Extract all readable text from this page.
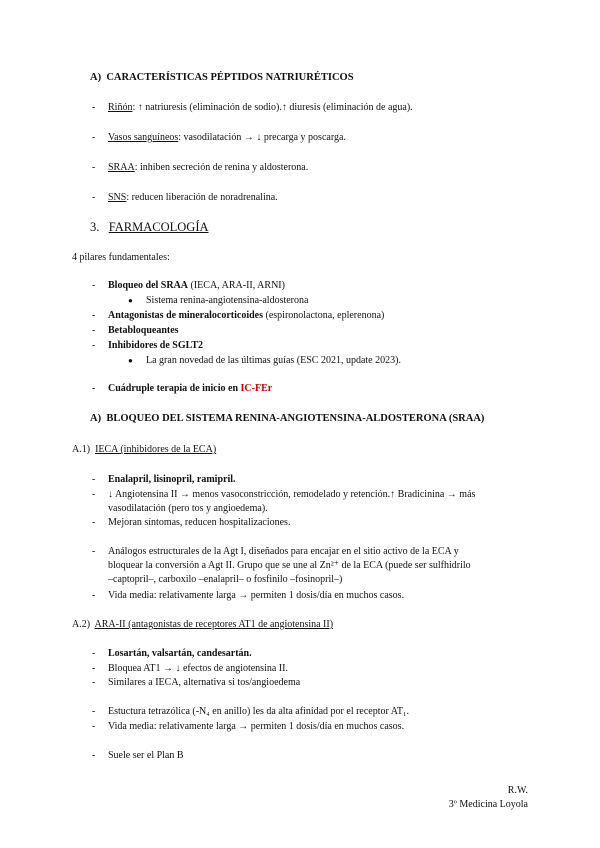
A) CARACTERÍSTICAS PÉPTIDOS NATRIURÉTICOS
- Riñón: ↑ natriuresis (eliminación de sodio).↑ diuresis (eliminación de agua).
- Vasos sanguíneos: vasodilatación → ↓ precarga y poscarga.
- SRAA: inhiben secreción de renina y aldosterona.
- SNS: reducen liberación de noradrenalina.
3. FARMACOLOGÍA
4 pilares fundamentales:
- Bloqueo del SRAA (IECA, ARA-II, ARNI)
● Sistema renina-angiotensina-aldosterona
- Antagonistas de mineralocorticoides (espironolactona, eplerenona)
- Betabloqueantes
- Inhibidores de SGLT2
● La gran novedad de las últimas guías (ESC 2021, update 2023).
- Cuádruple terapia de inicio en IC-FEr
A) BLOQUEO DEL SISTEMA RENINA-ANGIOTENSINA-ALDOSTERONA (SRAA)
A.1) IECA (inhibidores de la ECA)
- Enalapril, lisinopril, ramipril.
- ↓ Angiotensina II → menos vasoconstricción, remodelado y retención.↑ Bradicinina → más
vasodilatación (pero tos y angioedema).
- Mejoran síntomas, reducen hospitalizaciones.
- Análogos estructurales de la Agt I, diseñados para encajar en el sitio activo de la ECA y
bloquear la conversión a Agt II. Grupo que se une al Zn²⁺ de la ECA (puede ser sulfhidrilo
–captopril–, carboxilo –enalapril– o fosfinilo –fosinopril–)
- Vida media: relativamente larga → permiten 1 dosis/día en muchos casos.
A.2) ARA-II (antagonistas de receptores AT1 de angiotensina II)
- Losartán, valsartán, candesartán.
- Bloquea AT1 → ↓ efectos de angiotensina II.
- Similares a IECA, alternativa si tos/angioedema
- Estuctura tetrazólica (-N₄ en anillo) les da alta afinidad por el receptor AT₁.
- Vida media: relativamente larga → permiten 1 dosis/día en muchos casos.
- Suele ser el Plan B
R.W.
3º Medicina Loyola
